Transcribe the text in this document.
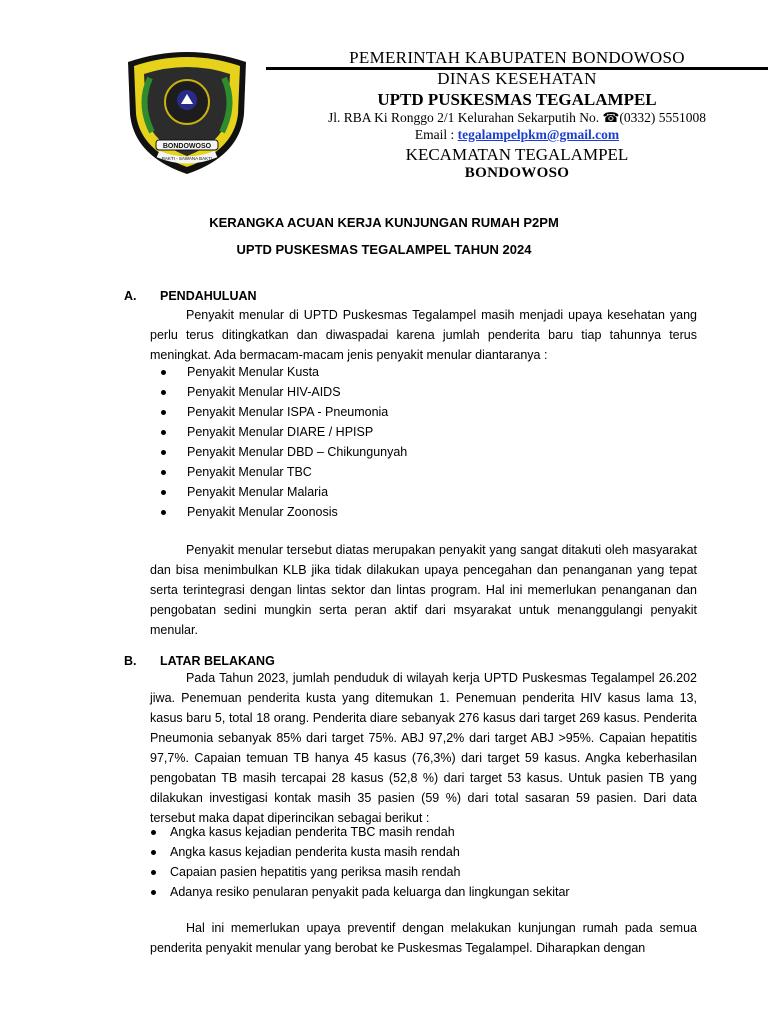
BONDOWOSO
BAKTI - SAWANA BAKTI
PEMERINTAH KABUPATEN BONDOWOSO
DINAS KESEHATAN
UPTD PUSKESMAS TEGALAMPEL
Jl. RBA Ki Ronggo 2/1 Kelurahan Sekarputih No. ☎(0332) 5551008
Email : tegalampelpkm@gmail.com
KECAMATAN TEGALAMPEL
BONDOWOSO
KERANGKA ACUAN KERJA KUNJUNGAN RUMAH P2PM
UPTD PUSKESMAS TEGALAMPEL TAHUN 2024
A. PENDAHULUAN

Penyakit menular di UPTD Puskesmas Tegalampel masih menjadi upaya kesehatan yang perlu terus ditingkatkan dan diwaspadai karena jumlah penderita baru tiap tahunnya terus meningkat. Ada bermacam-macam jenis penyakit menular diantaranya :

Penyakit Menular Kusta
Penyakit Menular HIV-AIDS
Penyakit Menular ISPA - Pneumonia
Penyakit Menular DIARE / HPISP
Penyakit Menular DBD – Chikungunyah
Penyakit Menular TBC
Penyakit Menular Malaria
Penyakit Menular Zoonosis

Penyakit menular tersebut diatas merupakan penyakit yang sangat ditakuti oleh masyarakat dan bisa menimbulkan KLB jika tidak dilakukan upaya pencegahan dan penanganan yang tepat serta terintegrasi dengan lintas sektor dan lintas program. Hal ini memerlukan penanganan dan pengobatan sedini mungkin serta peran aktif dari msyarakat untuk menanggulangi penyakit menular.

B. LATAR BELAKANG

Pada Tahun 2023, jumlah penduduk di wilayah kerja UPTD Puskesmas Tegalampel 26.202 jiwa. Penemuan penderita kusta yang ditemukan 1. Penemuan penderita HIV kasus lama 13, kasus baru 5, total 18 orang. Penderita diare sebanyak 276 kasus dari target 269 kasus. Penderita Pneumonia sebanyak 85% dari target 75%. ABJ 97,2% dari target ABJ >95%. Capaian hepatitis 97,7%. Capaian temuan TB hanya 45 kasus (76,3%) dari target 59 kasus. Angka keberhasilan pengobatan TB masih tercapai 28 kasus (52,8 %) dari target 53 kasus. Untuk pasien TB yang dilakukan investigasi kontak masih 35 pasien (59 %) dari total sasaran 59 pasien. Dari data tersebut maka dapat diperincikan sebagai berikut :

Angka kasus kejadian penderita TBC masih rendah
Angka kasus kejadian penderita kusta masih rendah
Capaian pasien hepatitis yang periksa masih rendah
Adanya resiko penularan penyakit pada keluarga dan lingkungan sekitar

Hal ini memerlukan upaya preventif dengan melakukan kunjungan rumah pada semua penderita penyakit menular yang berobat ke Puskesmas Tegalampel. Diharapkan dengan
